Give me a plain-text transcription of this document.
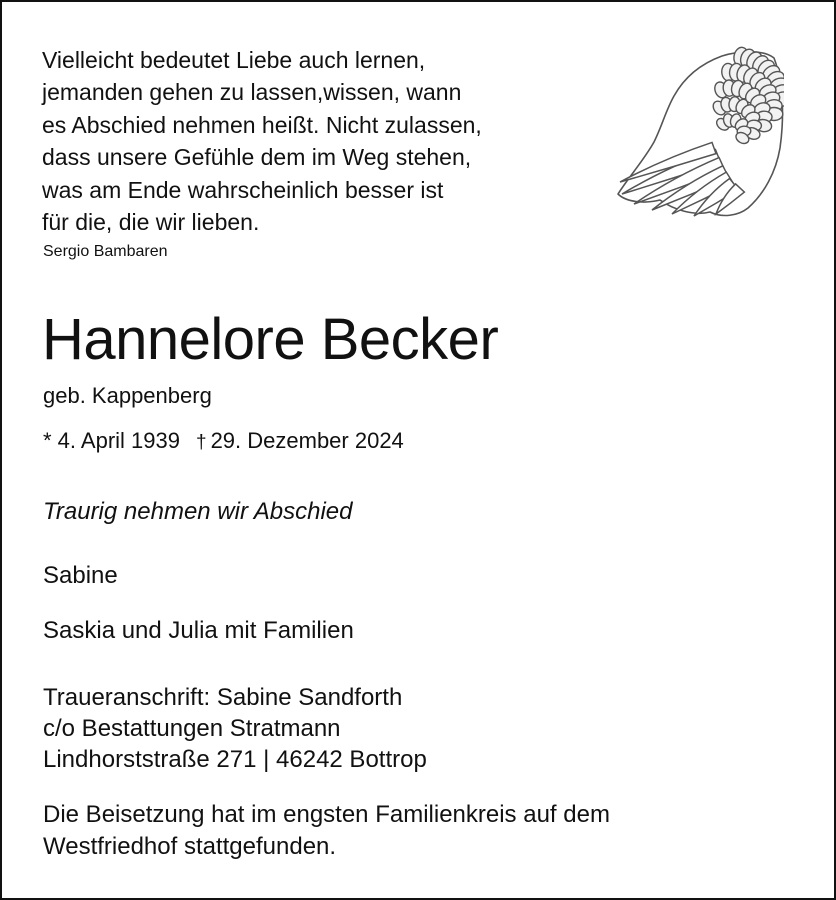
Vielleicht bedeutet Liebe auch lernen,
jemanden gehen zu lassen,wissen, wann
es Abschied nehmen heißt. Nicht zulassen,
dass unsere Gefühle dem im Weg stehen,
was am Ende wahrscheinlich besser ist
für die, die wir lieben.
Sergio Bambaren
Hannelore Becker
geb. Kappenberg
* 4. April 1939 † 29. Dezember 2024
Traurig nehmen wir Abschied
Sabine
Saskia und Julia mit Familien
Traueranschrift: Sabine Sandforth
c/o Bestattungen Stratmann
Lindhorststraße 271 | 46242 Bottrop
Die Beisetzung hat im engsten Familienkreis auf dem
Westfriedhof stattgefunden.
